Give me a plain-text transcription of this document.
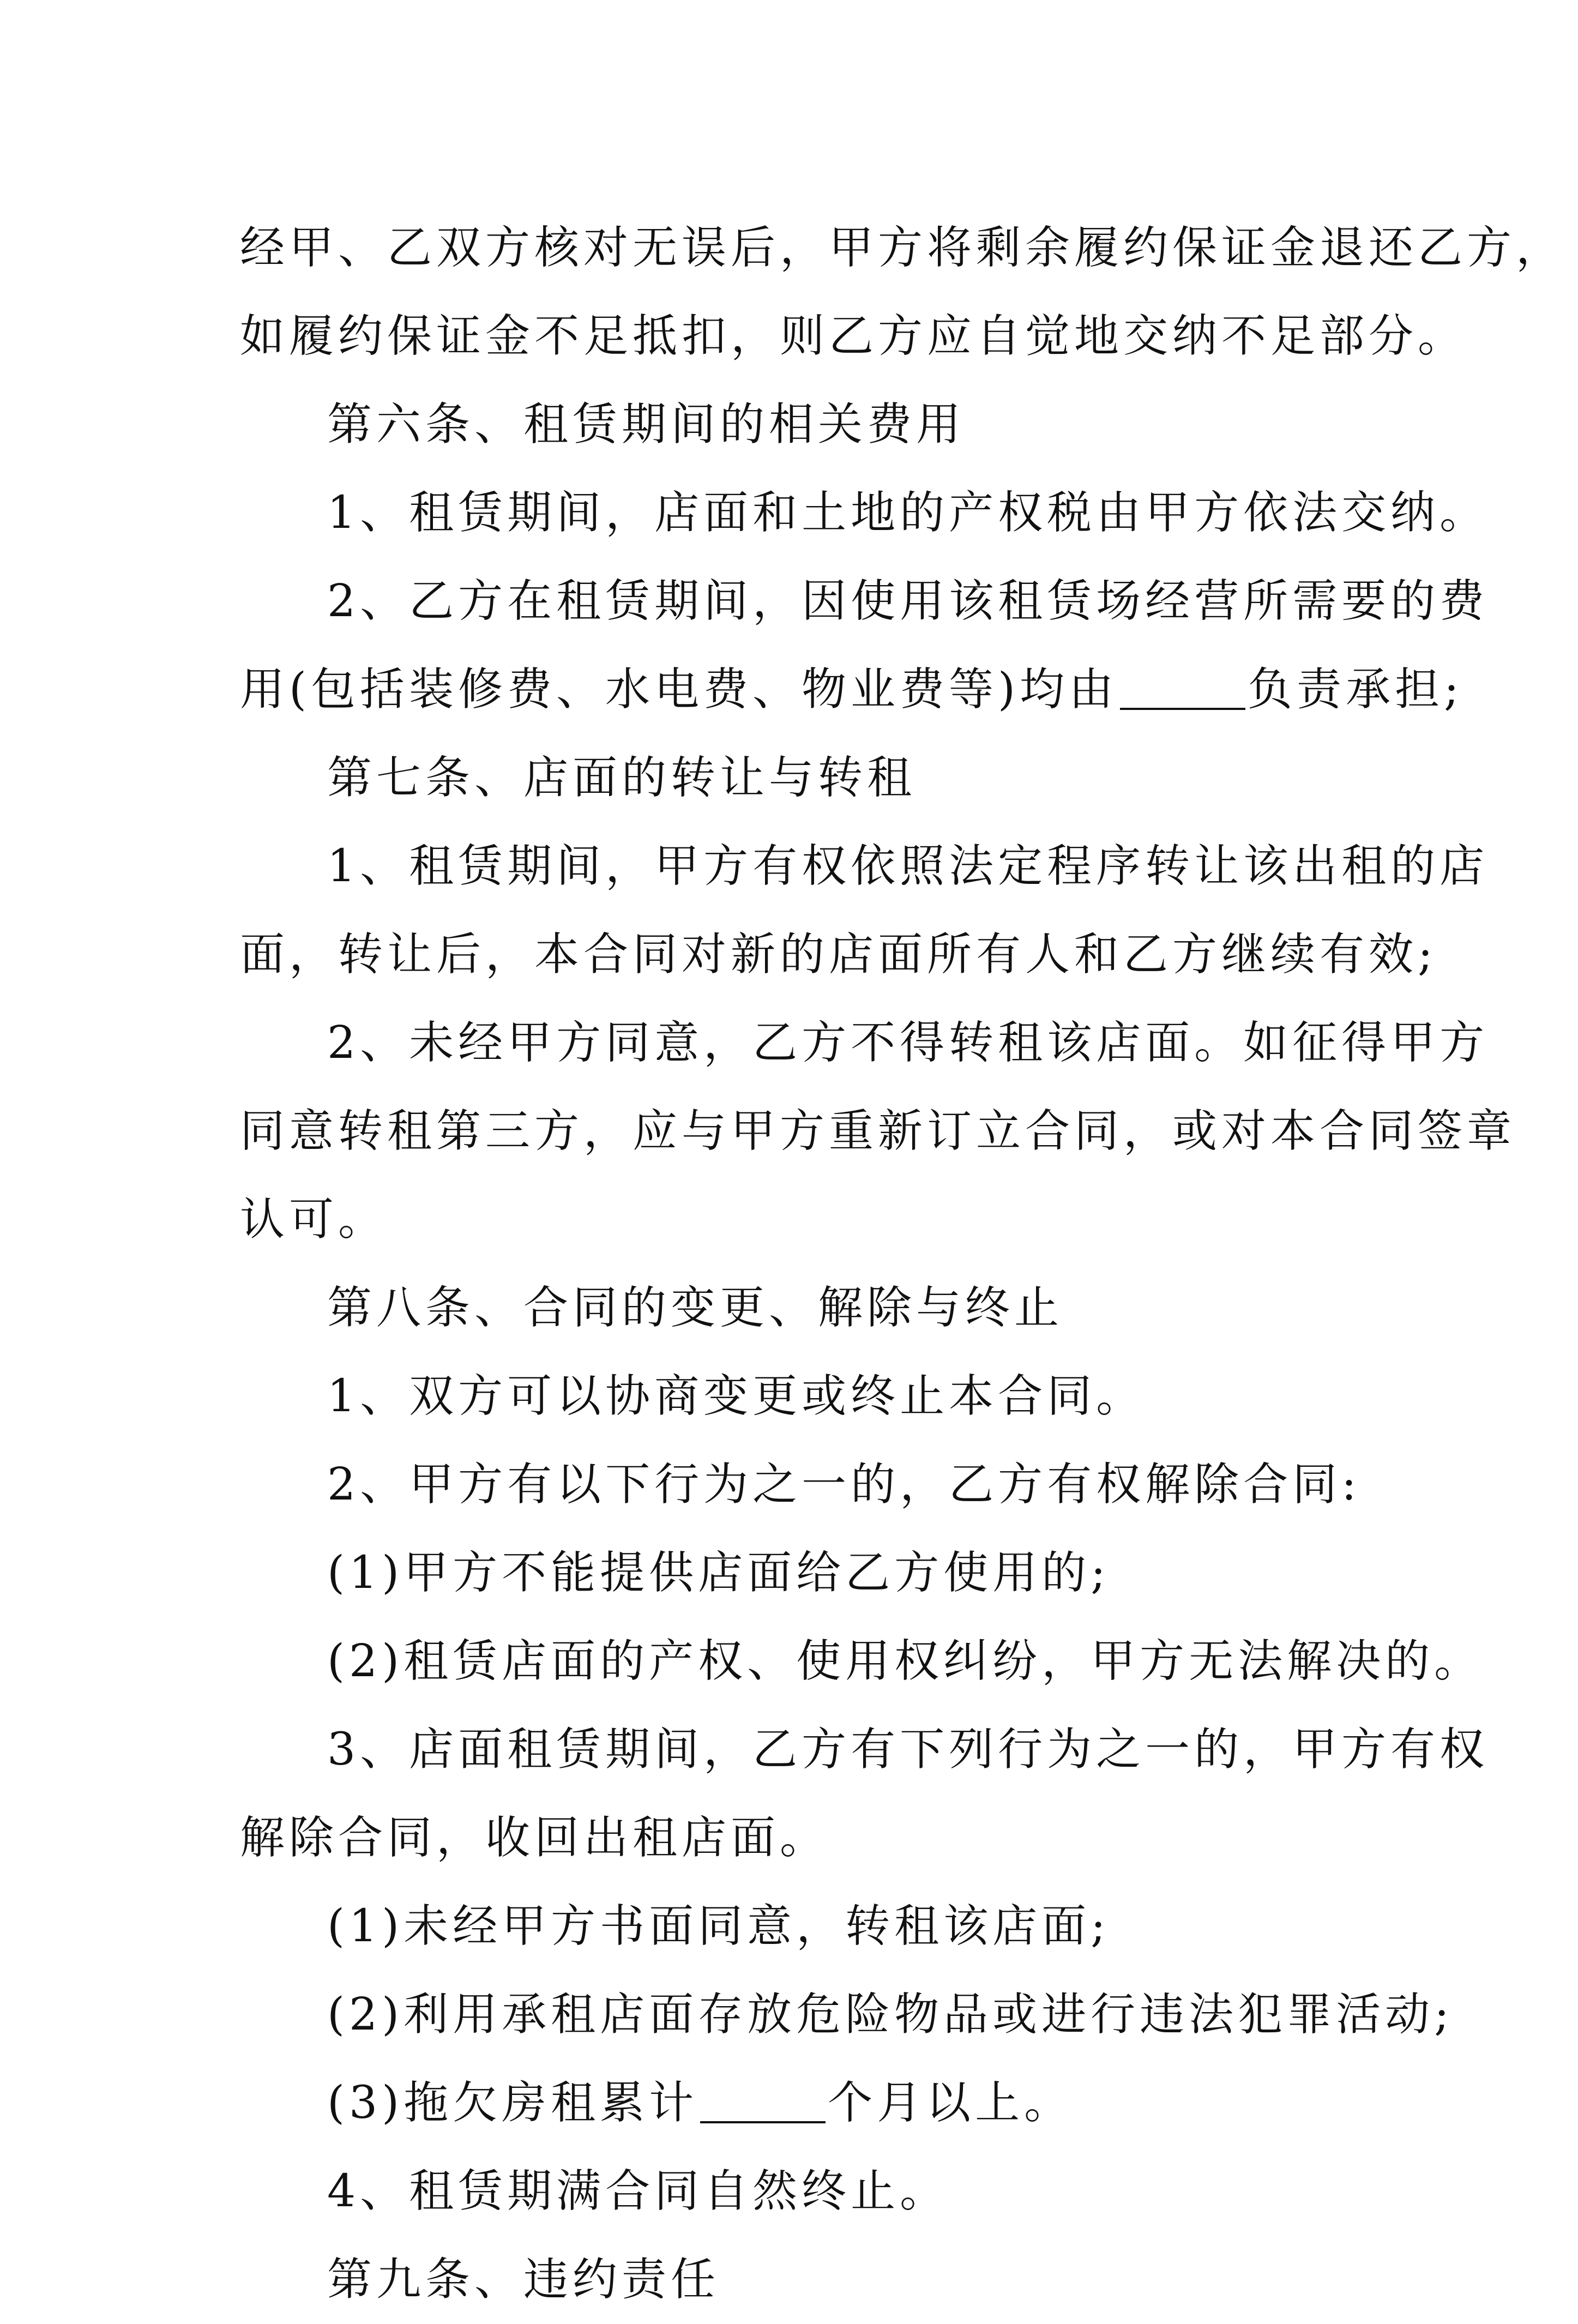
经甲、乙双方核对无误后，甲方将剩余履约保证金退还乙方，
如履约保证金不足抵扣，则乙方应自觉地交纳不足部分。
第六条、租赁期间的相关费用
1、租赁期间，店面和土地的产权税由甲方依法交纳。
2、乙方在租赁期间，因使用该租赁场经营所需要的费
用(包括装修费、水电费、物业费等)均由	负责承担;
第七条、店面的转让与转租
1、租赁期间，甲方有权依照法定程序转让该出租的店
面，转让后，本合同对新的店面所有人和乙方继续有效;
2、未经甲方同意，乙方不得转租该店面。如征得甲方
同意转租第三方，应与甲方重新订立合同，或对本合同签章
认可。
第八条、合同的变更、解除与终止
1、双方可以协商变更或终止本合同。
2、甲方有以下行为之一的，乙方有权解除合同:
(1)甲方不能提供店面给乙方使用的;
(2)租赁店面的产权、使用权纠纷，甲方无法解决的。
3、店面租赁期间，乙方有下列行为之一的，甲方有权
解除合同，收回出租店面。
(1)未经甲方书面同意，转租该店面;
(2)利用承租店面存放危险物品或进行违法犯罪活动;
(3)拖欠房租累计	个月以上。
4、租赁期满合同自然终止。
第九条、违约责任
